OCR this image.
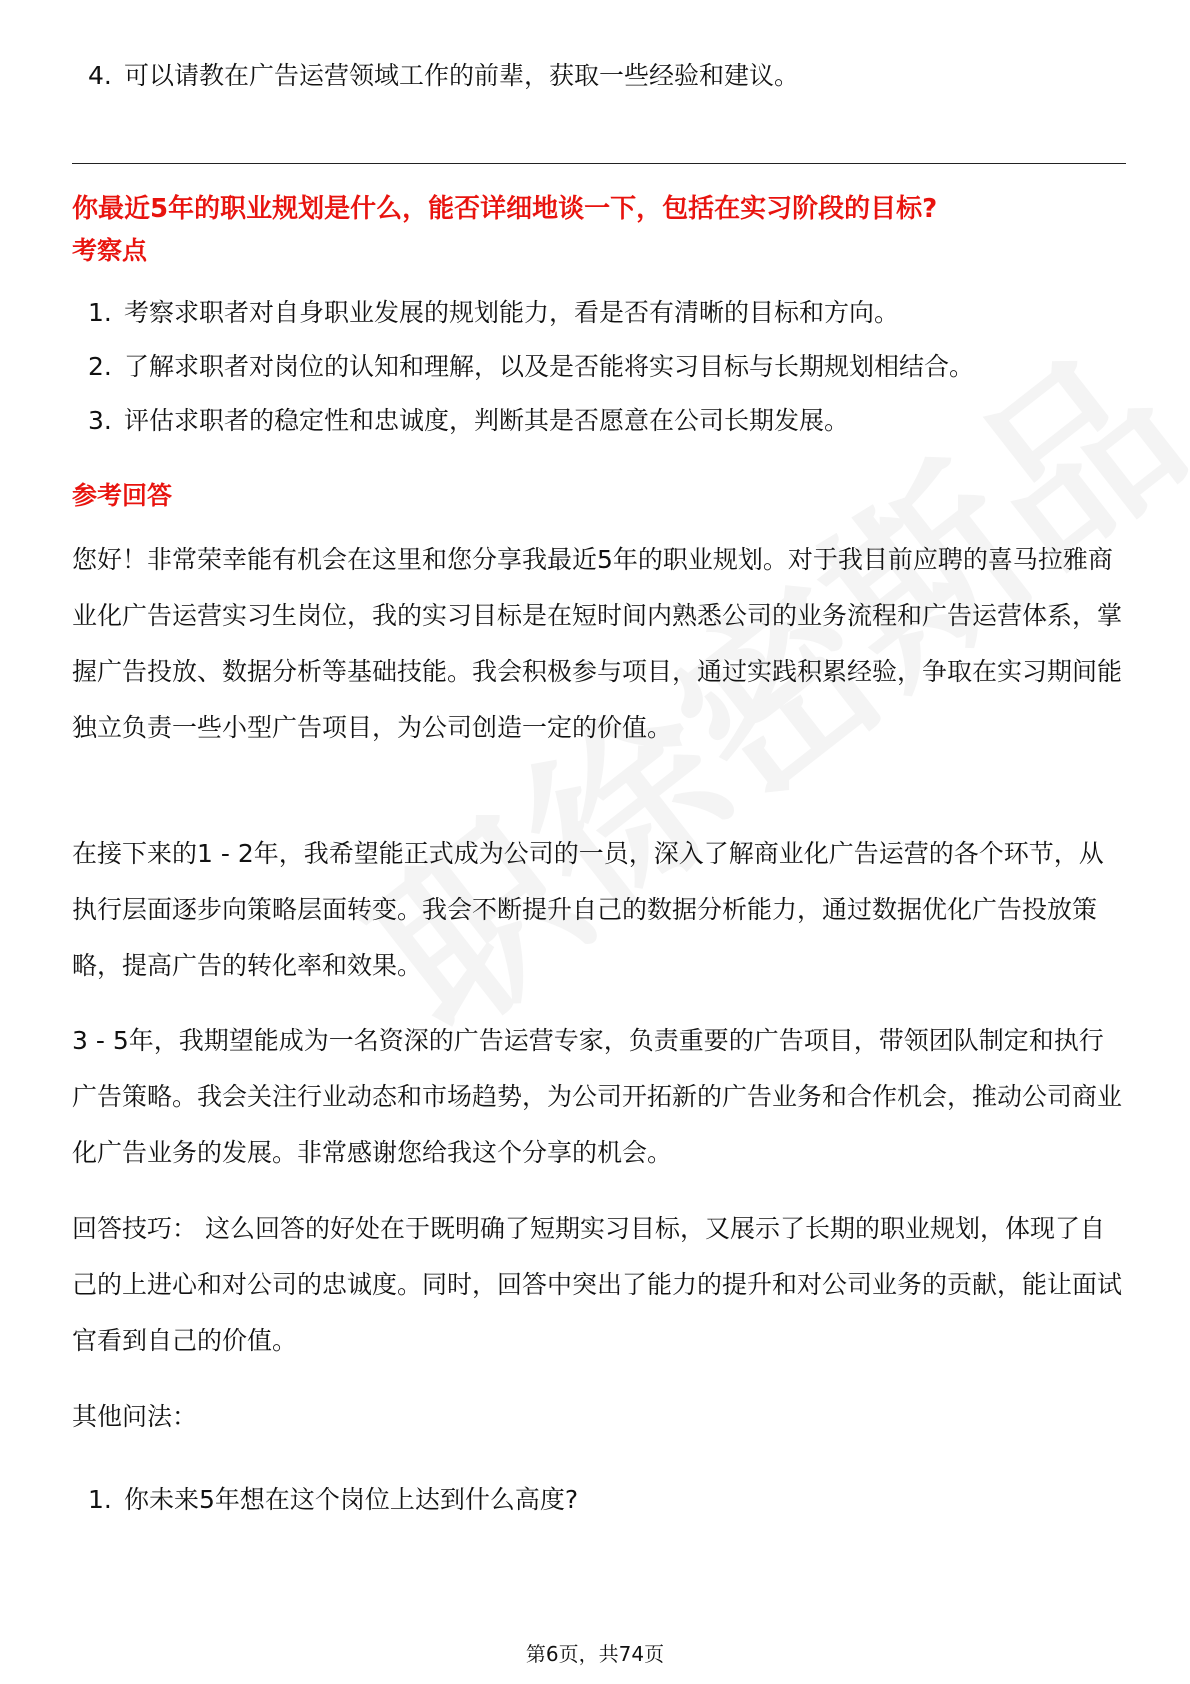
4. 可以请教在广告运营领域工作的前辈，获取一些经验和建议。
你最近5年的职业规划是什么，能否详细地谈一下，包括在实习阶段的目标?
考察点
1. 考察求职者对自身职业发展的规划能力，看是否有清晰的目标和方向。
2. 了解求职者对岗位的认知和理解，以及是否能将实习目标与长期规划相结合。
3. 评估求职者的稳定性和忠诚度，判断其是否愿意在公司长期发展。
参考回答
您好！非常荣幸能有机会在这里和您分享我最近5年的职业规划。对于我目前应聘的喜马拉雅商业化广告运营实习生岗位，我的实习目标是在短时间内熟悉公司的业务流程和广告运营体系，掌握广告投放、数据分析等基础技能。我会积极参与项目，通过实践积累经验，争取在实习期间能独立负责一些小型广告项目，为公司创造一定的价值。
在接下来的1 - 2年，我希望能正式成为公司的一员，深入了解商业化广告运营的各个环节，从执行层面逐步向策略层面转变。我会不断提升自己的数据分析能力，通过数据优化广告投放策略，提高广告的转化率和效果。
3 - 5年，我期望能成为一名资深的广告运营专家，负责重要的广告项目，带领团队制定和执行广告策略。我会关注行业动态和市场趋势，为公司开拓新的广告业务和合作机会，推动公司商业化广告业务的发展。非常感谢您给我这个分享的机会。
回答技巧： 这么回答的好处在于既明确了短期实习目标，又展示了长期的职业规划，体现了自己的上进心和对公司的忠诚度。同时，回答中突出了能力的提升和对公司业务的贡献，能让面试官看到自己的价值。
其他问法：
1. 你未来5年想在这个岗位上达到什么高度?
第6页，共74页
